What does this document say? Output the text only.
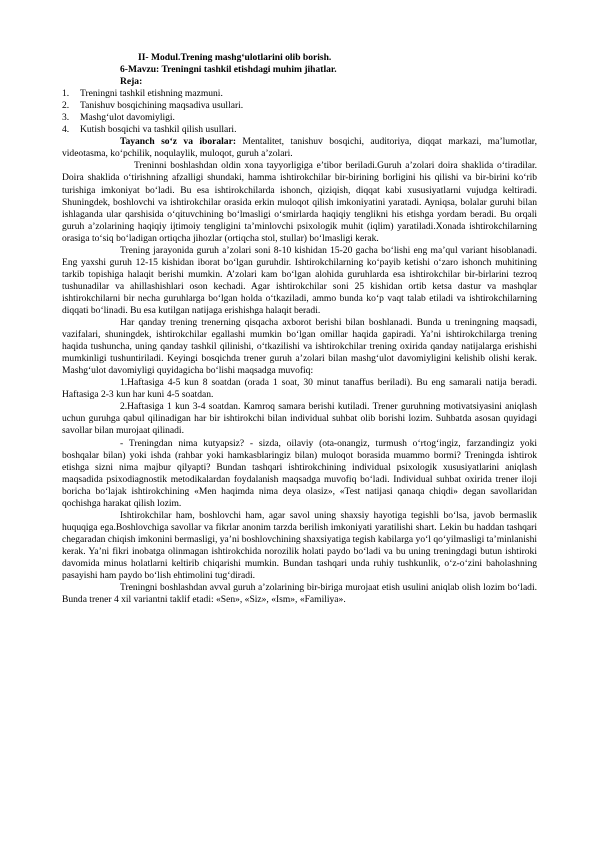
II- Modul.Trening mashg‘ulotlarini olib borish.
6-Mavzu: Treningni tashkil etishdagi muhim jihatlar.
Reja:
1. Treningni tashkil etishning mazmuni.
2. Tanishuv bosqichining maqsadiva usullari.
3. Mashg‘ulot davomiyligi.
4. Kutish bosqichi va tashkil qilish usullari.

Tayanch so‘z va iboralar: Mentalitet, tanishuv bosqichi, auditoriya, diqqat markazi, ma’lumotlar, videotasma, ko‘pchilik, noqulaylik, muloqot, guruh a’zolari.

Treninni boshlashdan oldin xona tayyorligiga e’tibor beriladi.Guruh a’zolari doira shaklida o‘tiradilar. Doira shaklida o‘tirishning afzalligi shundaki, hamma ishtirokchilar bir-birining borligini his qilishi va bir-birini ko‘rib turishiga imkoniyat bo‘ladi. Bu esa ishtirokchilarda ishonch, qiziqish, diqqat kabi xususiyatlarni vujudga keltiradi. Shuningdek, boshlovchi va ishtirokchilar orasida erkin muloqot qilish imkoniyatini yaratadi. Ayniqsa, bolalar guruhi bilan ishlaganda ular qarshisida o‘qituvchining bo‘lmasligi o‘smirlarda haqiqiy tenglikni his etishga yordam beradi. Bu orqali guruh a’zolarining haqiqiy ijtimoiy tengligini ta’minlovchi psixologik muhit (iqlim) yaratiladi.Xonada ishtirokchilarning orasiga to‘siq bo‘ladigan ortiqcha jihozlar (ortiqcha stol, stullar) bo‘lmasligi kerak.

Trening jarayonida guruh a’zolari soni 8-10 kishidan 15-20 gacha bo‘lishi eng ma’qul variant hisoblanadi. Eng yaxshi guruh 12-15 kishidan iborat bo‘lgan guruhdir. Ishtirokchilarning ko‘payib ketishi o‘zaro ishonch muhitining tarkib topishiga halaqit berishi mumkin. A’zolari kam bo‘lgan alohida guruhlarda esa ishtirokchilar bir-birlarini tezroq tushunadilar va ahillashishlari oson kechadi. Agar ishtirokchilar soni 25 kishidan ortib ketsa dastur va mashqlar ishtirokchilarni bir necha guruhlarga bo‘lgan holda o‘tkaziladi, ammo bunda ko‘p vaqt talab etiladi va ishtirokchilarning diqqati bo‘linadi. Bu esa kutilgan natijaga erishishga halaqit beradi.

Har qanday trening trenerning qisqacha axborot berishi bilan boshlanadi. Bunda u treningning maqsadi, vazifalari, shuningdek, ishtirokchilar egallashi mumkin bo‘lgan omillar haqida gapiradi. Ya’ni ishtirokchilarga trening haqida tushuncha, uning qanday tashkil qilinishi, o‘tkazilishi va ishtirokchilar trening oxirida qanday natijalarga erishishi mumkinligi tushuntiriladi. Keyingi bosqichda trener guruh a’zolari bilan mashg‘ulot davomiyligini kelishib olishi kerak. Mashg‘ulot davomiyligi quyidagicha bo‘lishi maqsadga muvofiq:

1.Haftasiga 4-5 kun 8 soatdan (orada 1 soat, 30 minut tanaffus beriladi). Bu eng samarali natija beradi. Haftasiga 2-3 kun har kuni 4-5 soatdan.

2.Haftasiga 1 kun 3-4 soatdan. Kamroq samara berishi kutiladi. Trener guruhning motivatsiyasini aniqlash uchun guruhga qabul qilinadigan har bir ishtirokchi bilan individual suhbat olib borishi lozim. Suhbatda asosan quyidagi savollar bilan murojaat qilinadi.

- Treningdan nima kutyapsiz? - sizda, oilaviy (ota-onangiz, turmush o‘rtog‘ingiz, farzandingiz yoki boshqalar bilan) yoki ishda (rahbar yoki hamkasblaringiz bilan) muloqot borasida muammo bormi? Treningda ishtirok etishga sizni nima majbur qilyapti? Bundan tashqari ishtirokchining individual psixologik xususiyatlarini aniqlash maqsadida psixodiagnostik metodikalardan foydalanish maqsadga muvofiq bo‘ladi. Individual suhbat oxirida trener iloji boricha bo‘lajak ishtirokchining «Men haqimda nima deya olasiz», «Test natijasi qanaqa chiqdi» degan savollaridan qochishga harakat qilish lozim.

Ishtirokchilar ham, boshlovchi ham, agar savol uning shaxsiy hayotiga tegishli bo‘lsa, javob bermaslik huquqiga ega.Boshlovchiga savollar va fikrlar anonim tarzda berilish imkoniyati yaratilishi shart. Lekin bu haddan tashqari chegaradan chiqish imkonini bermasligi, ya’ni boshlovchining shaxsiyatiga tegish kabilarga yo‘l qo‘yilmasligi ta’minlanishi kerak. Ya’ni fikri inobatga olinmagan ishtirokchida norozilik holati paydo bo‘ladi va bu uning treningdagi butun ishtiroki davomida minus holatlarni keltirib chiqarishi mumkin. Bundan tashqari unda ruhiy tushkunlik, o‘z-o‘zini baholashning pasayishi ham paydo bo‘lish ehtimolini tug‘diradi.

Treningni boshlashdan avval guruh a’zolarining bir-biriga murojaat etish usulini aniqlab olish lozim bo‘ladi. Bunda trener 4 xil variantni taklif etadi: «Sen», «Siz», «Ism», «Familiya».
